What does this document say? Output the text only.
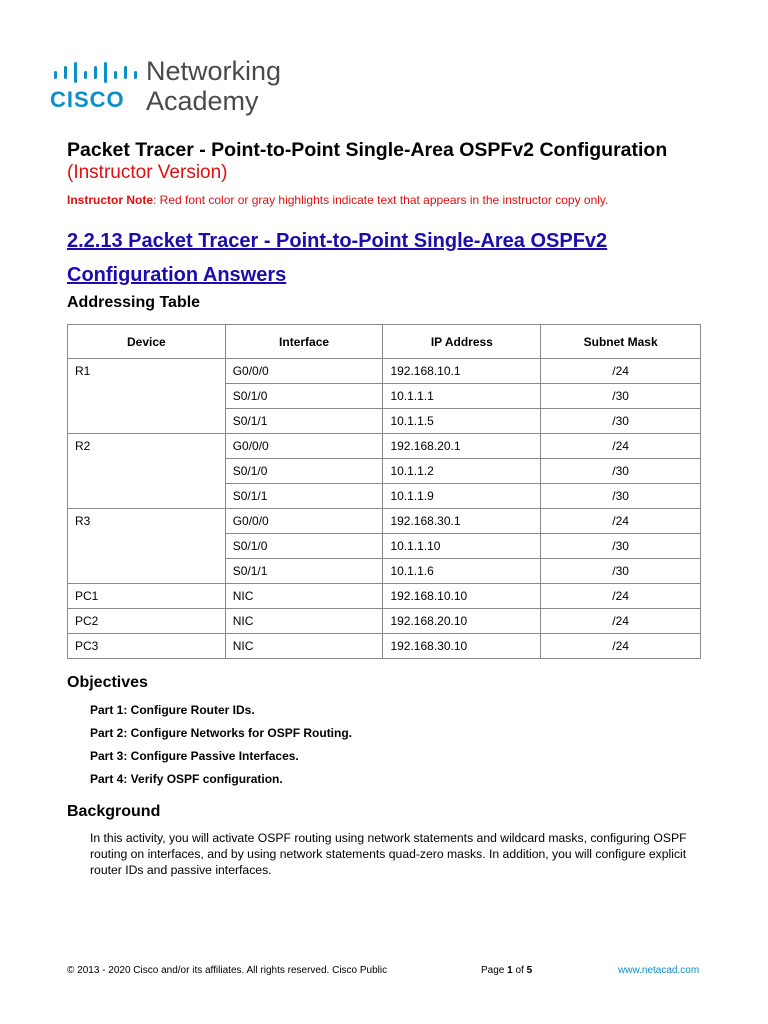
CISCO
Networking
Academy
Packet Tracer - Point-to-Point Single-Area OSPFv2 Configuration
(Instructor Version)
Instructor Note: Red font color or gray highlights indicate text that appears in the instructor copy only.
2.2.13 Packet Tracer - Point-to-Point Single-Area OSPFv2 Configuration Answers
Addressing Table
Device	Interface	IP Address	Subnet Mask
R1	G0/0/0	192.168.10.1	/24
	S0/1/0	10.1.1.1	/30
	S0/1/1	10.1.1.5	/30
R2	G0/0/0	192.168.20.1	/24
	S0/1/0	10.1.1.2	/30
	S0/1/1	10.1.1.9	/30
R3	G0/0/0	192.168.30.1	/24
	S0/1/0	10.1.1.10	/30
	S0/1/1	10.1.1.6	/30
PC1	NIC	192.168.10.10	/24
PC2	NIC	192.168.20.10	/24
PC3	NIC	192.168.30.10	/24
Objectives
Part 1: Configure Router IDs.
Part 2: Configure Networks for OSPF Routing.
Part 3: Configure Passive Interfaces.
Part 4: Verify OSPF configuration.
Background
In this activity, you will activate OSPF routing using network statements and wildcard masks, configuring OSPF routing on interfaces, and by using network statements quad-zero masks. In addition, you will configure explicit router IDs and passive interfaces.
© 2013 - 2020 Cisco and/or its affiliates. All rights reserved. Cisco Public	Page 1 of 5	www.netacad.com
